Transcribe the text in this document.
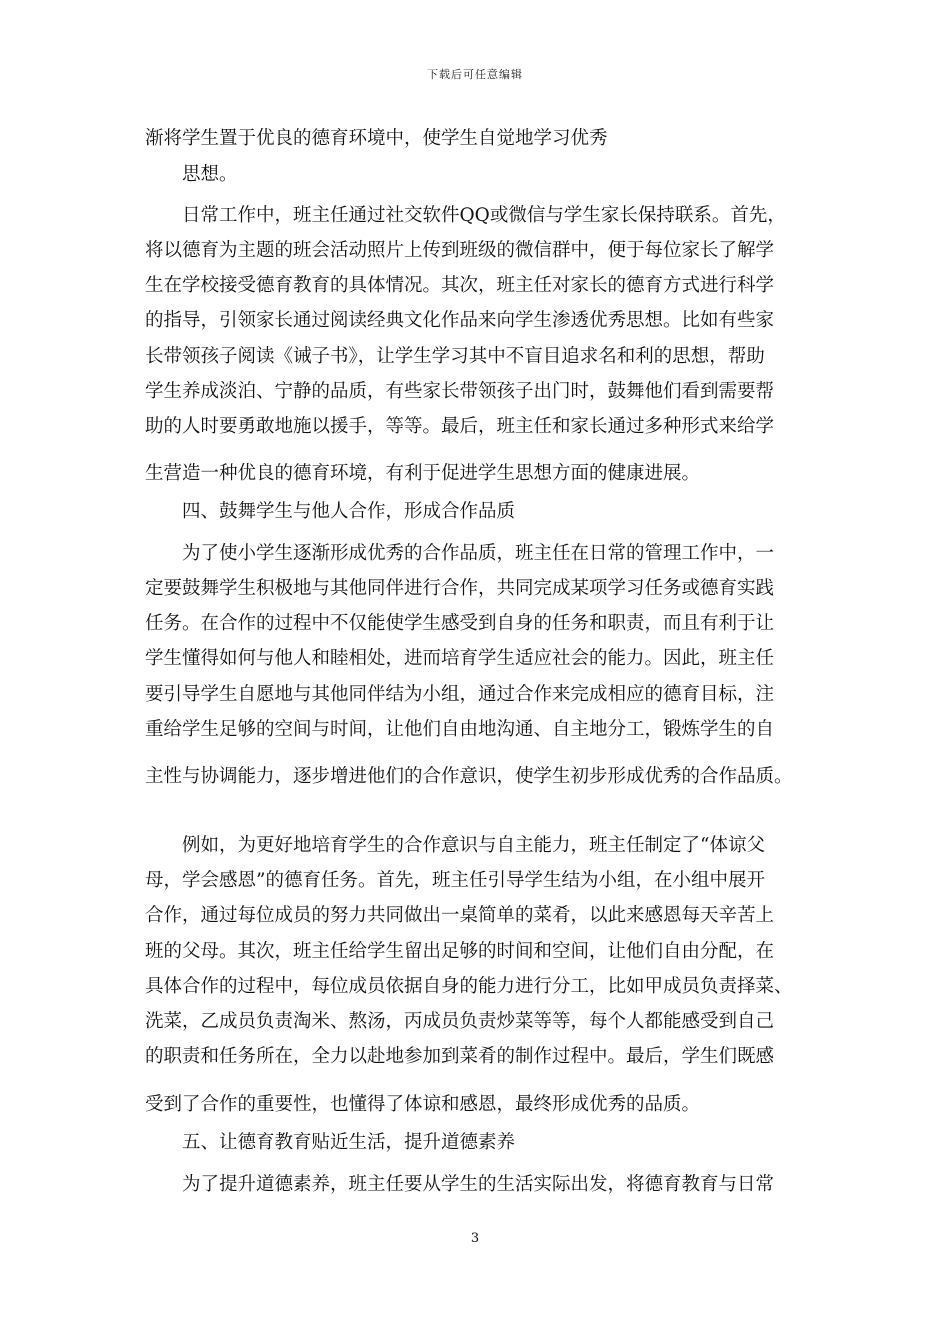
下载后可任意编辑
渐将学生置于优良的德育环境中，使学生自觉地学习优秀
思想。
日常工作中，班主任通过社交软件QQ或微信与学生家长保持联系。首先，
将以德育为主题的班会活动照片上传到班级的微信群中，便于每位家长了解学
生在学校接受德育教育的具体情况。其次，班主任对家长的德育方式进行科学
的指导，引领家长通过阅读经典文化作品来向学生渗透优秀思想。比如有些家
长带领孩子阅读《诫子书》，让学生学习其中不盲目追求名和利的思想，帮助
学生养成淡泊、宁静的品质，有些家长带领孩子出门时，鼓舞他们看到需要帮
助的人时要勇敢地施以援手，等等。最后，班主任和家长通过多种形式来给学
生营造一种优良的德育环境，有利于促进学生思想方面的健康进展。
四、鼓舞学生与他人合作，形成合作品质
为了使小学生逐渐形成优秀的合作品质，班主任在日常的管理工作中，一
定要鼓舞学生积极地与其他同伴进行合作，共同完成某项学习任务或德育实践
任务。在合作的过程中不仅能使学生感受到自身的任务和职责，而且有利于让
学生懂得如何与他人和睦相处，进而培育学生适应社会的能力。因此，班主任
要引导学生自愿地与其他同伴结为小组，通过合作来完成相应的德育目标，注
重给学生足够的空间与时间，让他们自由地沟通、自主地分工，锻炼学生的自
主性与协调能力，逐步增进他们的合作意识，使学生初步形成优秀的合作品质。
例如，为更好地培育学生的合作意识与自主能力，班主任制定了“体谅父
母，学会感恩”的德育任务。首先，班主任引导学生结为小组，在小组中展开
合作，通过每位成员的努力共同做出一桌简单的菜肴，以此来感恩每天辛苦上
班的父母。其次，班主任给学生留出足够的时间和空间，让他们自由分配，在
具体合作的过程中，每位成员依据自身的能力进行分工，比如甲成员负责择菜、
洗菜，乙成员负责淘米、熬汤，丙成员负责炒菜等等，每个人都能感受到自己
的职责和任务所在，全力以赴地参加到菜肴的制作过程中。最后，学生们既感
受到了合作的重要性，也懂得了体谅和感恩，最终形成优秀的品质。
五、让德育教育贴近生活，提升道德素养
为了提升道德素养，班主任要从学生的生活实际出发，将德育教育与日常
3
